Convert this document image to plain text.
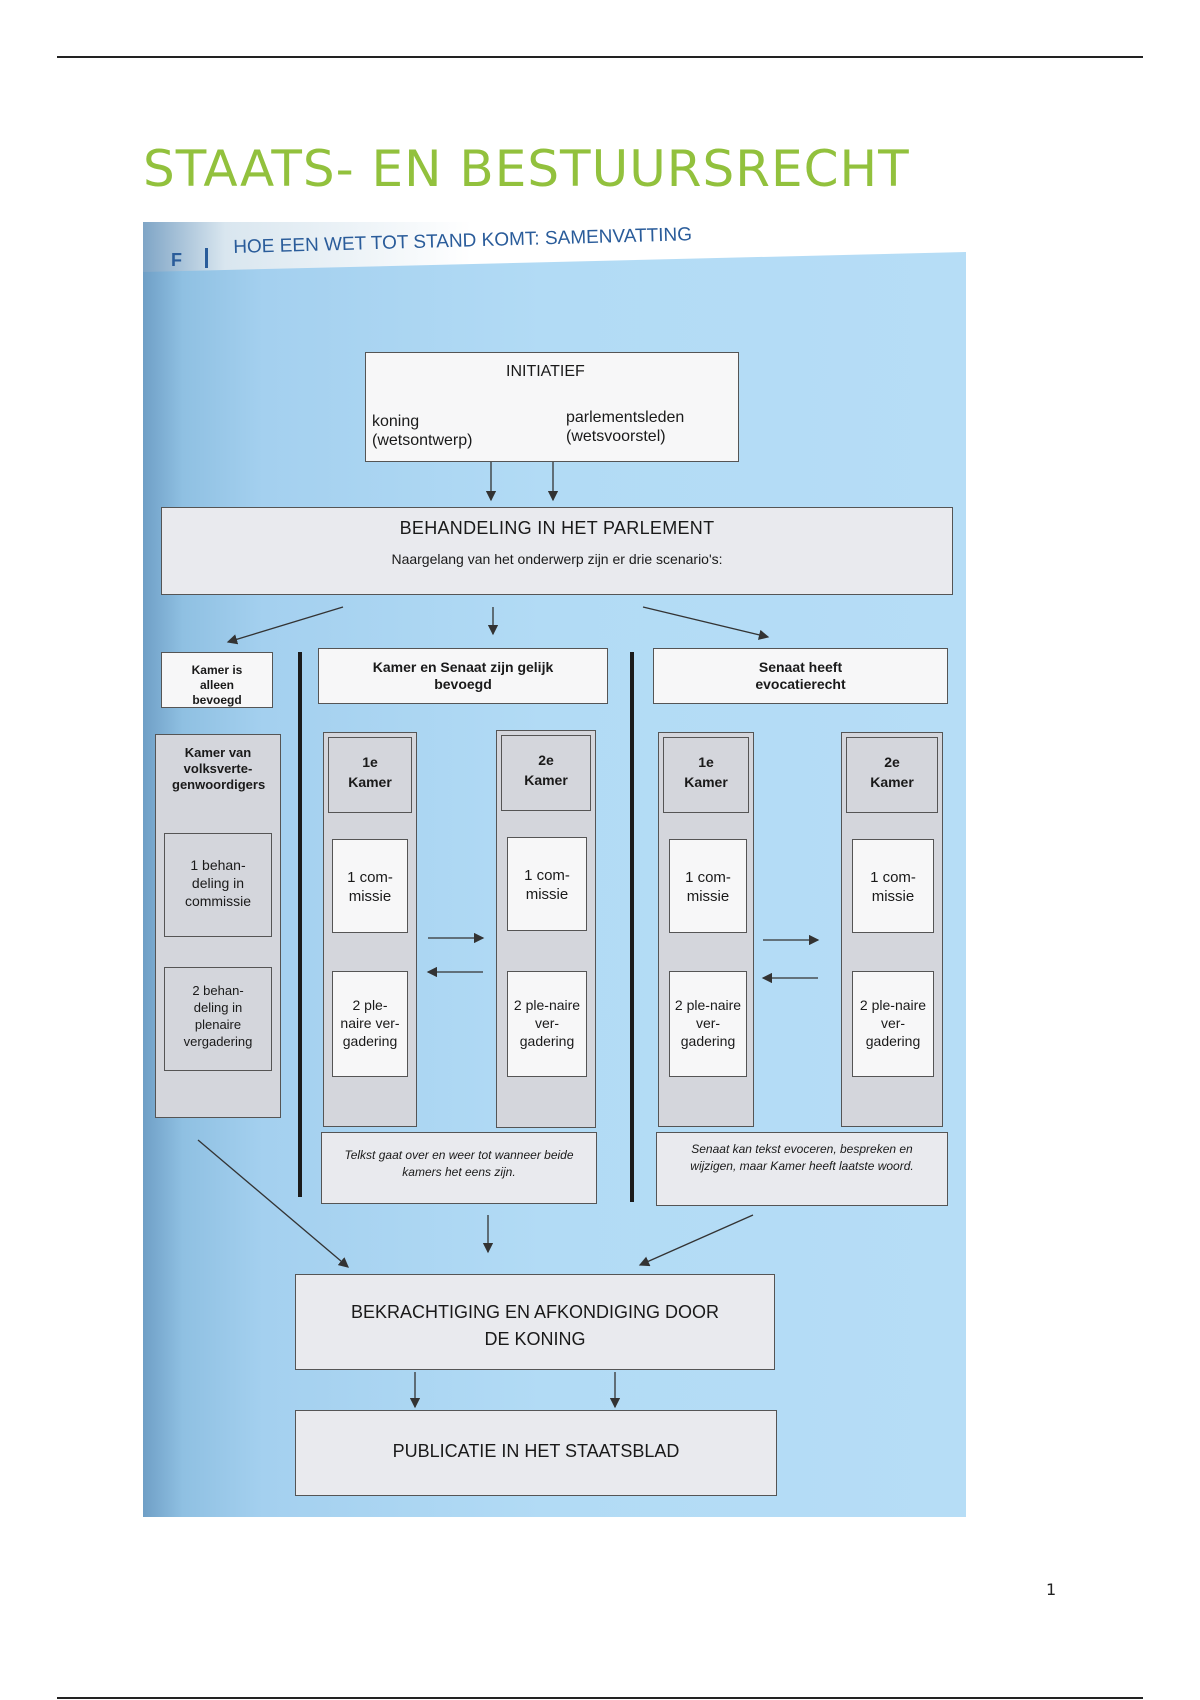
STAATS- EN BESTUURSRECHT
F
HOE EEN WET TOT STAND KOMT: SAMENVATTING
INITIATIEF
koning
(wetsontwerp)
parlementsleden
(wetsvoorstel)
BEHANDELING IN HET PARLEMENT
Naargelang van het onderwerp zijn er drie scenario's:
Kamer is alleen bevoegd
Kamer van volksverte-genwoordigers
1 behan-deling in commissie
2 behan-deling in plenaire vergadering
Kamer en Senaat zijn gelijk bevoegd
1e Kamer
1 com-missie
2 ple-naire ver-gadering
2e Kamer
1 com-missie
2 ple-naire ver-gadering
Telkst gaat over en weer tot wanneer beide kamers het eens zijn.
Senaat heeft evocatierecht
1e Kamer
1 com-missie
2 ple-naire ver-gadering
2e Kamer
1 com-missie
2 ple-naire ver-gadering
Senaat kan tekst evoceren, bespreken en wijzigen, maar Kamer heeft laatste woord.
BEKRACHTIGING EN AFKONDIGING DOOR DE KONING
PUBLICATIE IN HET STAATSBLAD
1
